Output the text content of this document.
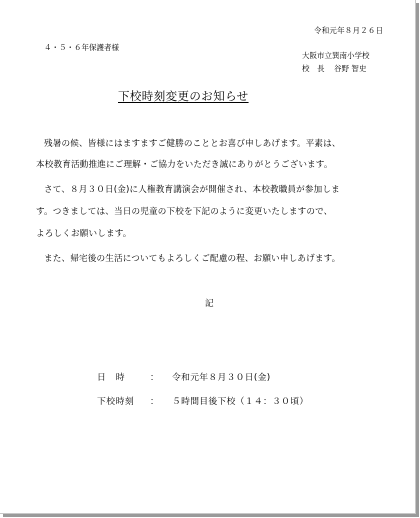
令和元年８月２６日
４・５・６年保護者様
大阪市立巽南小学校
校　長 谷野 智史
下校時刻変更のお知らせ
残暑の候、皆様にはますますご健勝のこととお喜び申しあげます。平素は、
本校教育活動推進にご理解・ご協力をいただき誠にありがとうございます。
さて、８月３０日(金)に人権教育講演会が開催され、本校教職員が参加しま
す。つきましては、当日の児童の下校を下記のように変更いたしますので、
よろしくお願いします。
また、帰宅後の生活についてもよろしくご配慮の程、お願い申しあげます。
記
日時	：	令和元年８月３０日(金)
下校時刻	：	５時間目後下校（１４：３０頃）
